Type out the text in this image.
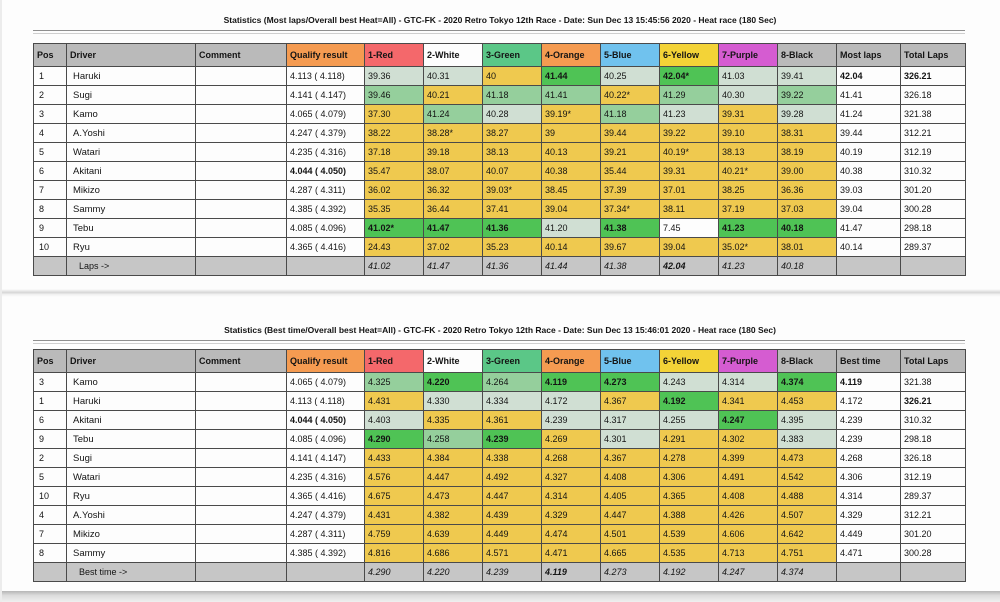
Statistics (Most laps/Overall best Heat=All) - GTC-FK - 2020 Retro Tokyo 12th Race - Date: Sun Dec 13 15:45:56 2020 - Heat race (180 Sec)
Pos	Driver	Comment	Qualify result	1-Red	2-White	3-Green	4-Orange	5-Blue	6-Yellow	7-Purple	8-Black	Most laps	Total Laps
1	Haruki		4.113 ( 4.118)	39.36	40.31	40	41.44	40.25	42.04*	41.03	39.41	42.04	326.21
2	Sugi		4.141 ( 4.147)	39.46	40.21	41.18	41.41	40.22*	41.29	40.30	39.22	41.41	326.18
3	Kamo		4.065 ( 4.079)	37.30	41.24	40.28	39.19*	41.18	41.23	39.31	39.28	41.24	321.38
4	A.Yoshi		4.247 ( 4.379)	38.22	38.28*	38.27	39	39.44	39.22	39.10	38.31	39.44	312.21
5	Watari		4.235 ( 4.316)	37.18	39.18	38.13	40.13	39.21	40.19*	38.13	38.19	40.19	312.19
6	Akitani		4.044 ( 4.050)	35.47	38.07	40.07	40.38	35.44	39.31	40.21*	39.00	40.38	310.32
7	Mikizo		4.287 ( 4.311)	36.02	36.32	39.03*	38.45	37.39	37.01	38.25	36.36	39.03	301.20
8	Sammy		4.385 ( 4.392)	35.35	36.44	37.41	39.04	37.34*	38.11	37.19	37.03	39.04	300.28
9	Tebu		4.085 ( 4.096)	41.02*	41.47	41.36	41.20	41.38	7.45	41.23	40.18	41.47	298.18
10	Ryu		4.365 ( 4.416)	24.43	37.02	35.23	40.14	39.67	39.04	35.02*	38.01	40.14	289.37
	Laps ->			41.02	41.47	41.36	41.44	41.38	42.04	41.23	40.18		
Statistics (Best time/Overall best Heat=All) - GTC-FK - 2020 Retro Tokyo 12th Race - Date: Sun Dec 13 15:46:01 2020 - Heat race (180 Sec)
Pos	Driver	Comment	Qualify result	1-Red	2-White	3-Green	4-Orange	5-Blue	6-Yellow	7-Purple	8-Black	Best time	Total Laps
3	Kamo		4.065 ( 4.079)	4.325	4.220	4.264	4.119	4.273	4.243	4.314	4.374	4.119	321.38
1	Haruki		4.113 ( 4.118)	4.431	4.330	4.334	4.172	4.367	4.192	4.341	4.453	4.172	326.21
6	Akitani		4.044 ( 4.050)	4.403	4.335	4.361	4.239	4.317	4.255	4.247	4.395	4.239	310.32
9	Tebu		4.085 ( 4.096)	4.290	4.258	4.239	4.269	4.301	4.291	4.302	4.383	4.239	298.18
2	Sugi		4.141 ( 4.147)	4.433	4.384	4.338	4.268	4.367	4.278	4.399	4.473	4.268	326.18
5	Watari		4.235 ( 4.316)	4.576	4.447	4.492	4.327	4.408	4.306	4.491	4.542	4.306	312.19
10	Ryu		4.365 ( 4.416)	4.675	4.473	4.447	4.314	4.405	4.365	4.408	4.488	4.314	289.37
4	A.Yoshi		4.247 ( 4.379)	4.431	4.382	4.439	4.329	4.447	4.388	4.426	4.507	4.329	312.21
7	Mikizo		4.287 ( 4.311)	4.759	4.639	4.449	4.474	4.501	4.539	4.606	4.642	4.449	301.20
8	Sammy		4.385 ( 4.392)	4.816	4.686	4.571	4.471	4.665	4.535	4.713	4.751	4.471	300.28
	Best time ->			4.290	4.220	4.239	4.119	4.273	4.192	4.247	4.374		
